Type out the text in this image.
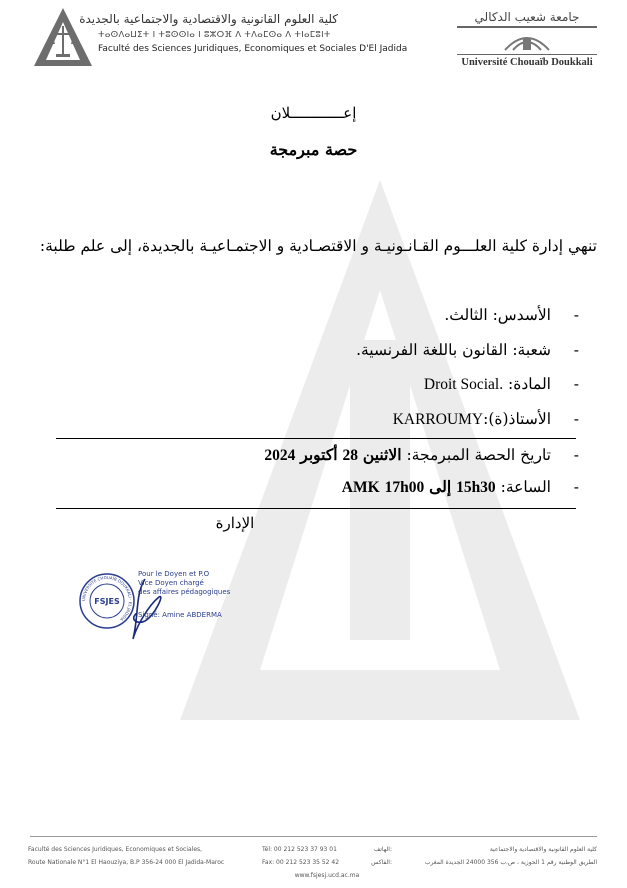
كلية العلوم القانونية والاقتصادية والاجتماعية بالجديدة
ⵜⴰⵙⴷⴰⵡⵉⵜ ⵏ ⵜⵓⵙⵙⵏⴰ ⵏ ⵓⵣⵔⴼ ⴷ ⵜⴷⴰⵎⵙⴰ ⴷ ⵜⵏⴰⵎⵓⵏⵜ
Faculté des Sciences Juridiques, Economiques et Sociales D'El Jadida
جامعة شعيب الدكالي
Université Chouaïb Doukkali
إعــــــــــــلان
حصة مبرمجة
تنهي إدارة كلية العلـــوم القـانـونيـة و الاقتصـادية و الاجتمـاعيـة بالجديدة، إلى علم طلبة:
-
الأسدس: الثالث.
-
شعبة: القانون باللغة الفرنسية.
-
المادة: Droit Social.
-
الأستاذ(ة):KARROUMY
-
تاريخ الحصة المبرمجة: الاثنين 28 أكتوبر 2024
-
الساعة: 15h30 إلى 17h00 AMK
الإدارة
UNIVERSITÉ CHOUAÏB DOUKKALI · EL JADIDA
FSJES
Pour le Doyen et P.O
Vice Doyen chargé
des affaires pédagogiques
Signé: Amine ABDERMA
Faculté des Sciences Juridiques, Economiques et Sociales,
Route Nationale N°1 El Haouziya, B.P 356-24 000 El Jadida-Maroc
Tél: 00 212 523 37 93 01	الهاتف:
Fax: 00 212 523 35 52 42	الفاكس:
www.fsjesj.ucd.ac.ma
كلية العلوم القانونية والاقتصادية والاجتماعية
الطريق الوطنية رقم 1 الحوزية ، ص.ب 356 24000 الجديدة المغرب
